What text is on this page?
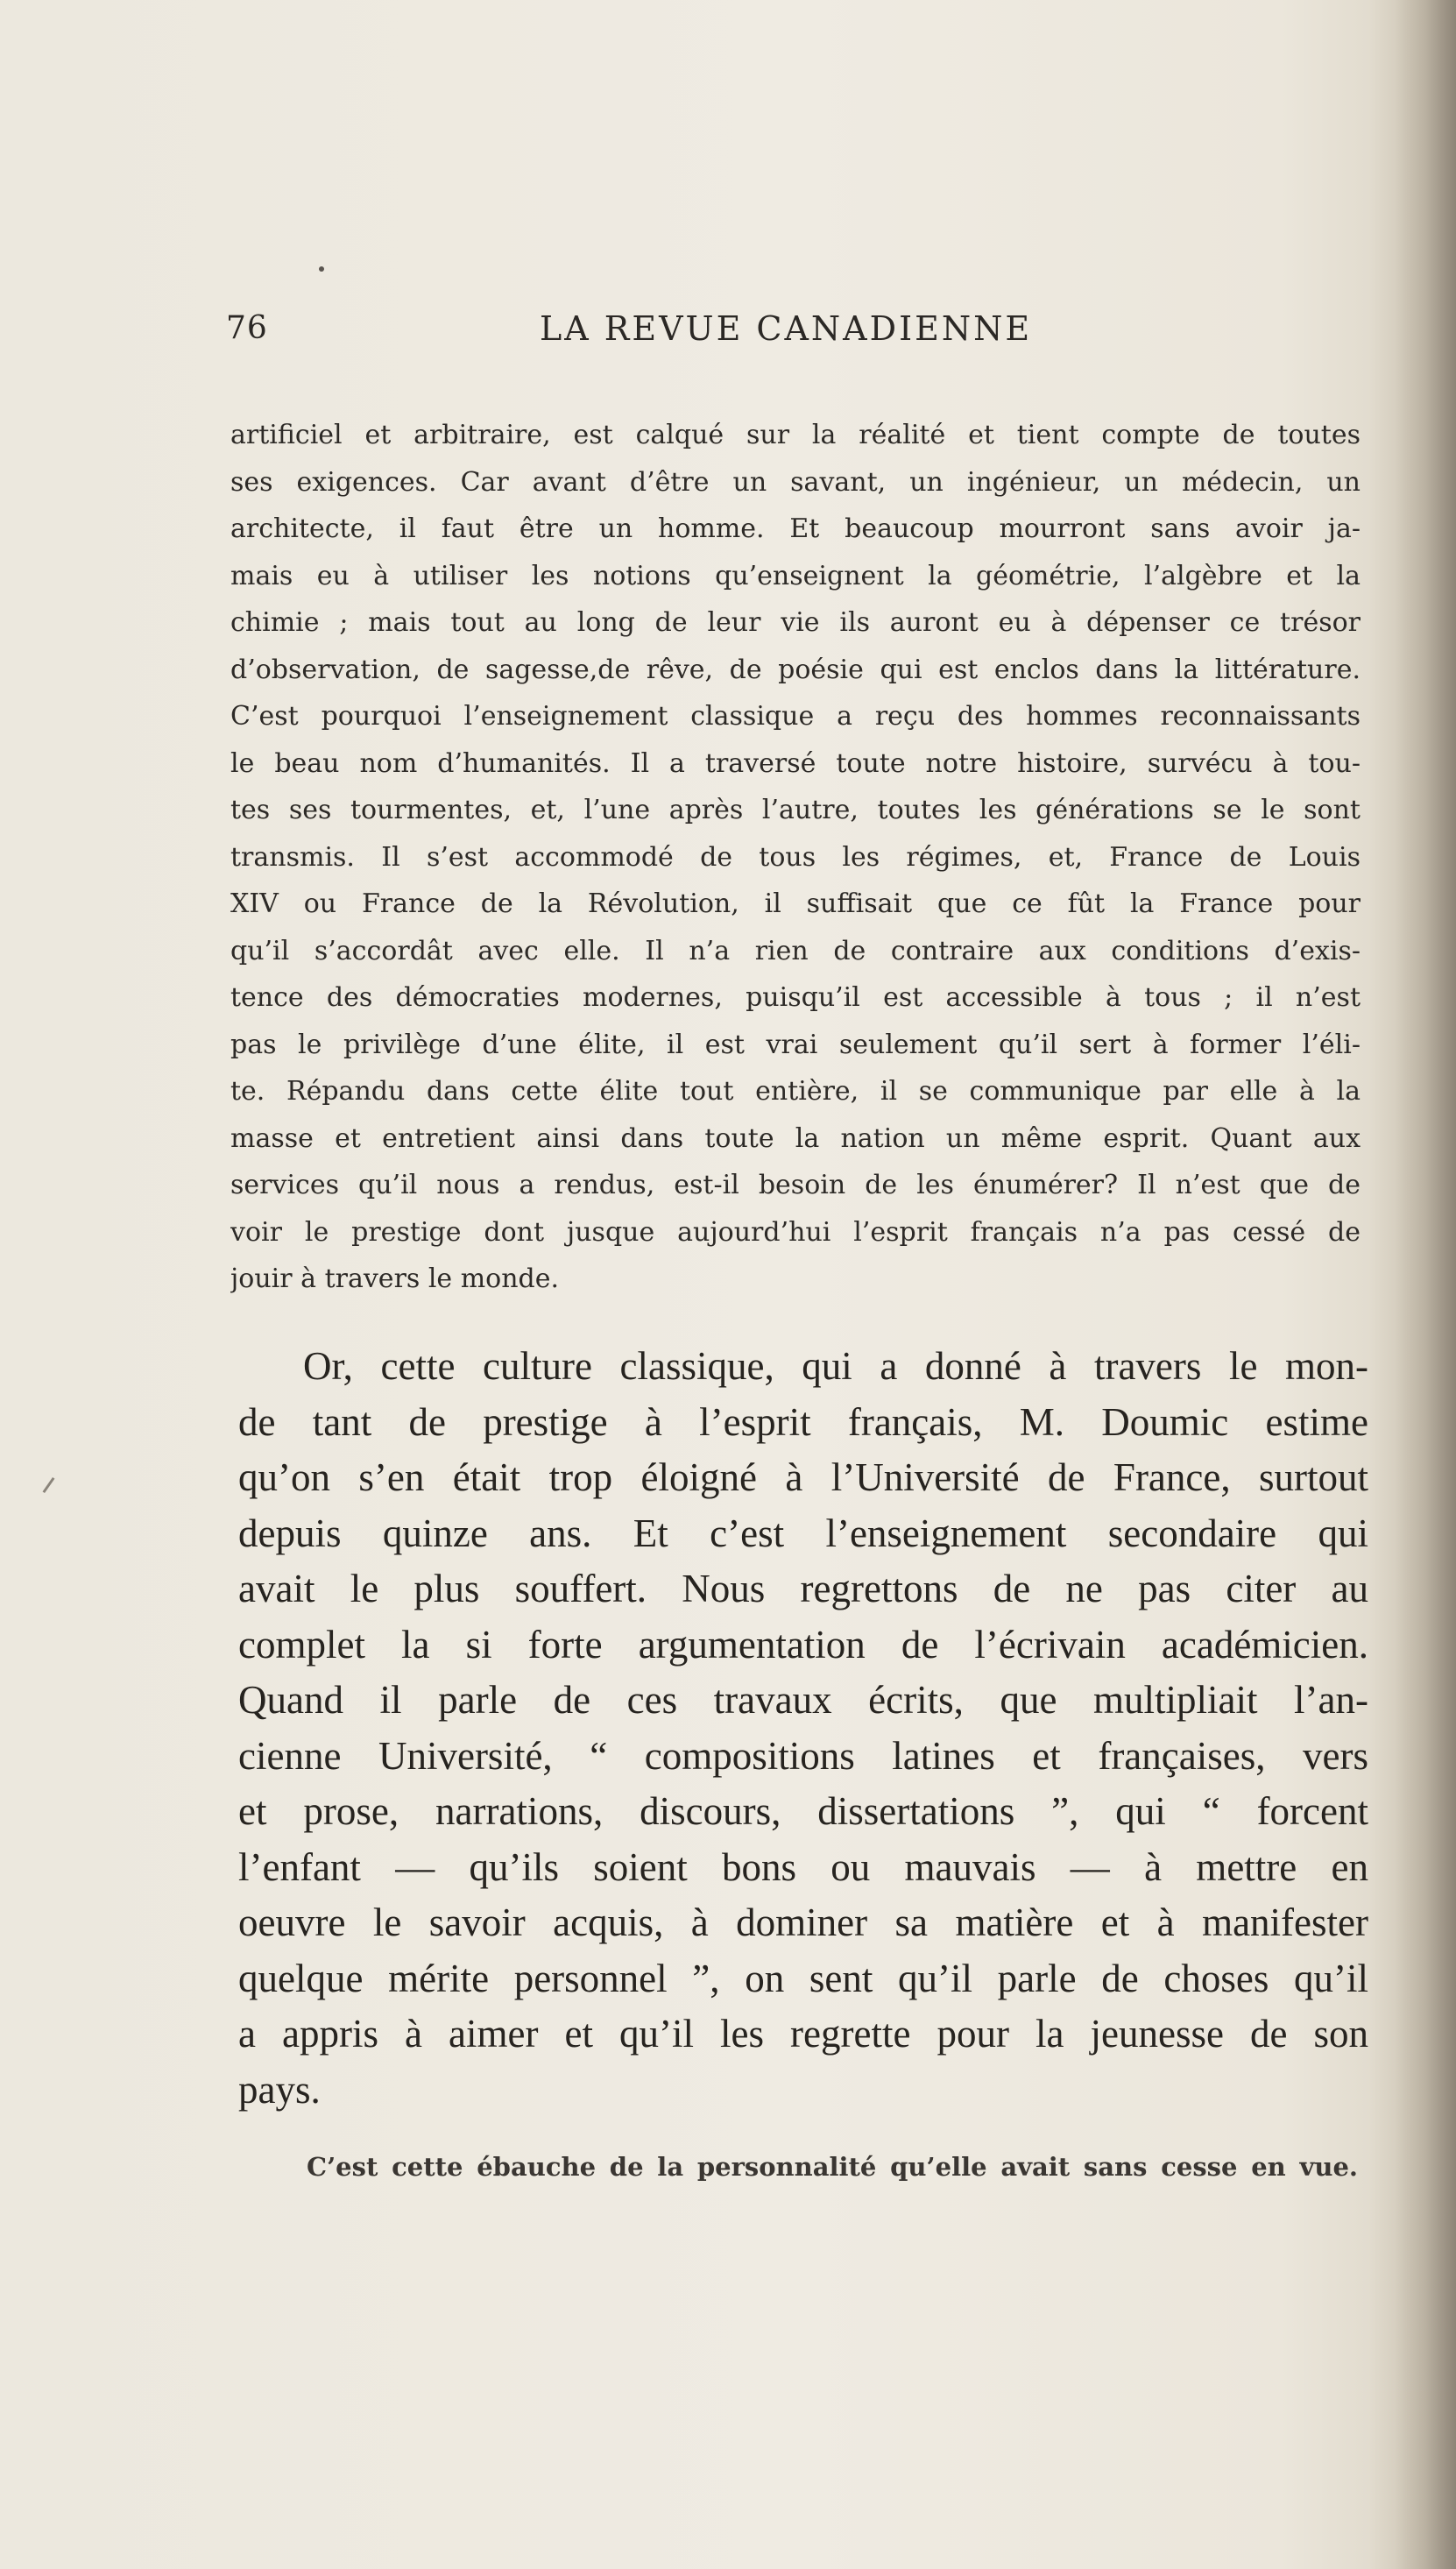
76	LA REVUE CANADIENNE
artificiel et arbitraire, est calqué sur la réalité et tient compte de toutes
ses exigences. Car avant d’être un savant, un ingénieur, un médecin, un
architecte, il faut être un homme. Et beaucoup mourront sans avoir ja-
mais eu à utiliser les notions qu’enseignent la géométrie, l’algèbre et la
chimie ; mais tout au long de leur vie ils auront eu à dépenser ce trésor
d’observation, de sagesse,de rêve, de poésie qui est enclos dans la littérature.
C’est pourquoi l’enseignement classique a reçu des hommes reconnaissants
le beau nom d’humanités. Il a traversé toute notre histoire, survécu à tou-
tes ses tourmentes, et, l’une après l’autre, toutes les générations se le sont
transmis. Il s’est accommodé de tous les régimes, et, France de Louis
XIV ou France de la Révolution, il suffisait que ce fût la France pour
qu’il s’accordât avec elle. Il n’a rien de contraire aux conditions d’exis-
tence des démocraties modernes, puisqu’il est accessible à tous ; il n’est
pas le privilège d’une élite, il est vrai seulement qu’il sert à former l’éli-
te. Répandu dans cette élite tout entière, il se communique par elle à la
masse et entretient ainsi dans toute la nation un même esprit. Quant aux
services qu’il nous a rendus, est-il besoin de les énumérer? Il n’est que de
voir le prestige dont jusque aujourd’hui l’esprit français n’a pas cessé de
jouir à travers le monde.
Or, cette culture classique, qui a donné à travers le mon-
de tant de prestige à l’esprit français, M. Doumic estime
qu’on s’en était trop éloigné à l’Université de France, surtout
depuis quinze ans. Et c’est l’enseignement secondaire qui
avait le plus souffert. Nous regrettons de ne pas citer au
complet la si forte argumentation de l’écrivain académicien.
Quand il parle de ces travaux écrits, que multipliait l’an-
cienne Université, “ compositions latines et françaises, vers
et prose, narrations, discours, dissertations ”, qui “ forcent
l’enfant — qu’ils soient bons ou mauvais — à mettre en
oeuvre le savoir acquis, à dominer sa matière et à manifester
quelque mérite personnel ”, on sent qu’il parle de choses qu’il
a appris à aimer et qu’il les regrette pour la jeunesse de son
pays.
C’est cette ébauche de la personnalité qu’elle avait sans cesse en vue.
